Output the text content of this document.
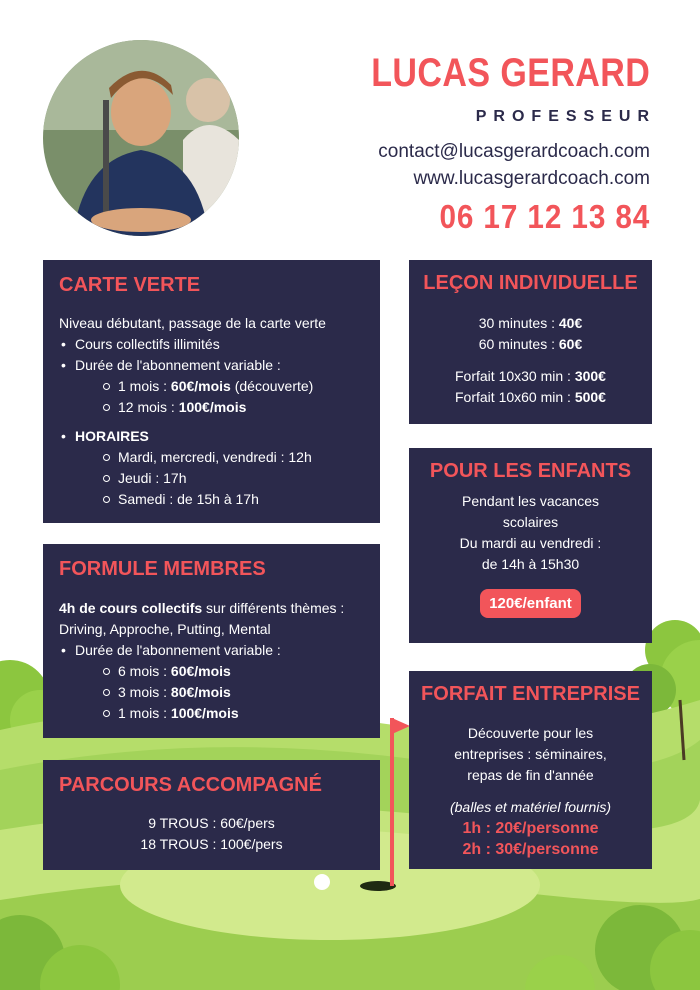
LUCAS GERARD
PROFESSEUR
contact@lucasgerardcoach.com
www.lucasgerardcoach.com
06 17 12 13 84
CARTE VERTE
Niveau débutant, passage de la carte verte
• Cours collectifs illimités
• Durée de l'abonnement variable :
1 mois : 60€/mois (découverte)
12 mois : 100€/mois
• HORAIRES
Mardi, mercredi, vendredi : 12h
Jeudi : 17h
Samedi : de 15h à 17h
FORMULE MEMBRES
4h de cours collectifs sur différents thèmes :
Driving, Approche, Putting, Mental
• Durée de l'abonnement variable :
6 mois : 60€/mois
3 mois : 80€/mois
1 mois : 100€/mois
PARCOURS ACCOMPAGNÉ
9 TROUS : 60€/pers
18 TROUS : 100€/pers
LEÇON INDIVIDUELLE
30 minutes : 40€
60 minutes : 60€
Forfait 10x30 min : 300€
Forfait 10x60 min : 500€
POUR LES ENFANTS
Pendant les vacances
scolaires
Du mardi au vendredi :
de 14h à 15h30
120€/enfant
FORFAIT ENTREPRISE
Découverte pour les
entreprises : séminaires,
repas de fin d'année
(balles et matériel fournis)
1h : 20€/personne
2h : 30€/personne
